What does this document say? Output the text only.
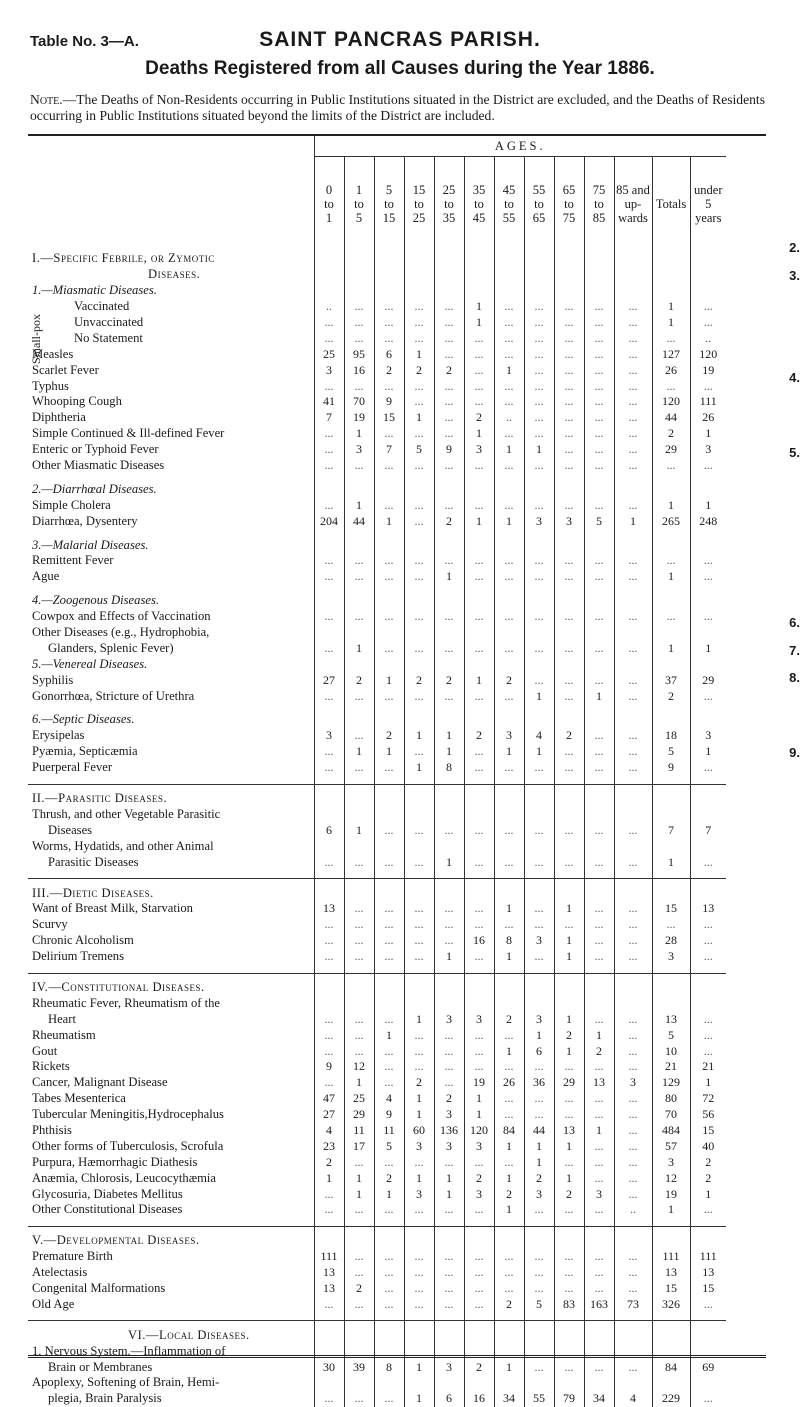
Table No. 3—A.	SAINT PANCRAS PARISH.
Deaths Registered from all Causes during the Year 1886.
Note.—The Deaths of Non-Residents occurring in Public Institutions situated in the District are excluded, and the Deaths of Residents occurring in Public Institutions situated beyond the limits of the District are included.
	AGES.												
	0
to
1	1
to
5	5
to
15	15
to
25	25
to
35	35
to
45	45
to
55	55
to
65	65
to
75	75
to
85	85 and
up-
wards	Totals	under
5
years
I.—Specific Febrile, or Zymotic													
Diseases.													
1.—Miasmatic Diseases.													
Vaccinated	..	...	...	...	...	1	...	...	...	...	...	1	...
Unvaccinated	...	...	...	...	...	1	...	...	...	...	...	1	...
No Statement	...	...	...	...	...	...	...	...	...	...	...	...	..
Measles	25	95	6	1	...	...	...	...	...	...	...	127	120
Scarlet Fever	3	16	2	2	2	...	1	...	...	...	...	26	19
Typhus	...	...	...	...	...	...	...	...	...	...	...	...	...
Whooping Cough	41	70	9	...	...	...	...	...	...	...	...	120	111
Diphtheria	7	19	15	1	...	2	..	...	...	...	...	44	26
Simple Continued & Ill-defined Fever	...	1	...	...	...	1	...	...	...	...	...	2	1
Enteric or Typhoid Fever	...	3	7	5	9	3	1	1	...	...	...	29	3
Other Miasmatic Diseases	...	...	...	...	...	...	...	...	...	...	...	...	...

2.—Diarrhœal Diseases.													
Simple Cholera	...	1	...	...	...	...	...	...	...	...	...	1	1
Diarrhœa, Dysentery	204	44	1	...	2	1	1	3	3	5	1	265	248

3.—Malarial Diseases.													
Remittent Fever	...	...	...	...	...	...	...	...	...	...	...	...	...
Ague	...	...	...	...	1	...	...	...	...	...	...	1	...

4.—Zoogenous Diseases.													
Cowpox and Effects of Vaccination	...	...	...	...	...	...	...	...	...	...	...	...	...
Other Diseases (e.g., Hydrophobia,													
Glanders, Splenic Fever)	...	1	...	...	...	...	...	...	...	...	...	1	1
5.—Venereal Diseases.													
Syphilis	27	2	1	2	2	1	2	...	...	...	...	37	29
Gonorrhœa, Stricture of Urethra	...	...	...	...	...	...	...	1	...	1	...	2	...

6.—Septic Diseases.													
Erysipelas	3	...	2	1	1	2	3	4	2	...	...	18	3
Pyæmia, Septicæmia	...	1	1	...	1	...	1	1	...	...	...	5	1
Puerperal Fever	...	...	...	1	8	...	...	...	...	...	...	9	...

II.—Parasitic Diseases.													
Thrush, and other Vegetable Parasitic													
Diseases	6	1	...	...	...	...	...	...	...	...	...	7	7
Worms, Hydatids, and other Animal													
Parasitic Diseases	...	...	...	...	1	...	...	...	...	...	...	1	...

III.—Dietic Diseases.													
Want of Breast Milk, Starvation	13	...	...	...	...	...	1	...	1	...	...	15	13
Scurvy	...	...	...	...	...	...	...	...	...	...	...	...	...
Chronic Alcoholism	...	...	...	...	...	16	8	3	1	...	...	28	...
Delirium Tremens	...	...	...	...	1	...	1	...	1	...	...	3	...

IV.—Constitutional Diseases.													
Rheumatic Fever, Rheumatism of the													
Heart	...	...	...	1	3	3	2	3	1	...	...	13	...
Rheumatism	...	...	1	...	...	...	...	1	2	1	...	5	...
Gout	...	...	...	...	...	...	1	6	1	2	...	10	...
Rickets	9	12	...	...	...	...	...	...	...	...	...	21	21
Cancer, Malignant Disease	...	1	...	2	...	19	26	36	29	13	3	129	1
Tabes Mesenterica	47	25	4	1	2	1	...	...	...	...	...	80	72
Tubercular Meningitis,Hydrocephalus	27	29	9	1	3	1	...	...	...	...	...	70	56
Phthisis	4	11	11	60	136	120	84	44	13	1	...	484	15
Other forms of Tuberculosis, Scrofula	23	17	5	3	3	3	1	1	1	...	...	57	40
Purpura, Hæmorrhagic Diathesis	2	...	...	...	...	...	...	1	...	...	...	3	2
Anæmia, Chlorosis, Leucocythæmia	1	1	2	1	1	2	1	2	1	...	...	12	2
Glycosuria, Diabetes Mellitus	...	1	1	3	1	3	2	3	2	3	...	19	1
Other Constitutional Diseases	...	...	...	...	...	...	1	...	...	...	..	1	...

V.—Developmental Diseases.													
Premature Birth	111	...	...	...	...	...	...	...	...	...	...	111	111
Atelectasis	13	...	...	...	...	...	...	...	...	...	...	13	13
Congenital Malformations	13	2	...	...	...	...	...	...	...	...	...	15	15
Old Age	...	...	...	...	...	...	2	5	83	163	73	326	...

VI.—Local Diseases.													
1. Nervous System.—Inflammation of													
Brain or Membranes	30	39	8	1	3	2	1	...	...	...	...	84	69
Apoplexy, Softening of Brain, Hemi-													
plegia, Brain Paralysis	...	...	...	1	6	16	34	55	79	34	4	229	...
Small-pox
2.
3.
4.
5.
6.
7.
8.
9.
